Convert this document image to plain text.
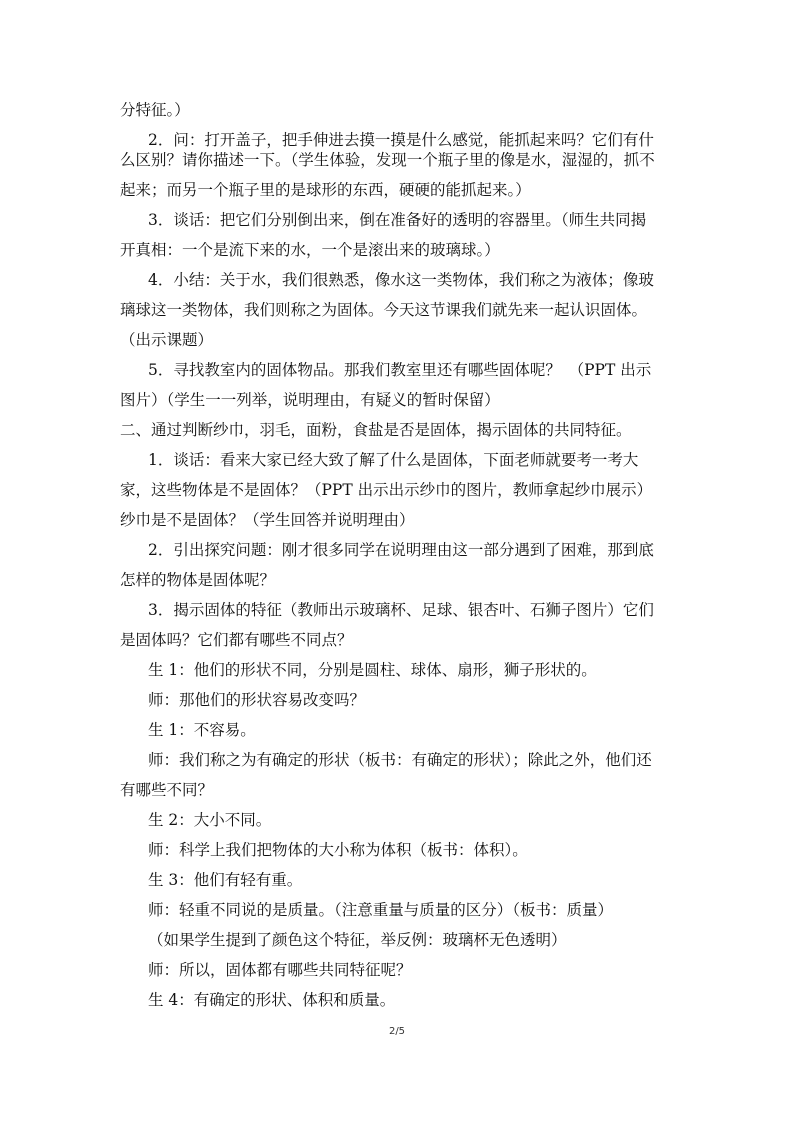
分特征。）

2．问：打开盖子，把手伸进去摸一摸是什么感觉，能抓起来吗？它们有什

么区别？请你描述一下。（学生体验，发现一个瓶子里的像是水，湿湿的，抓不

起来；而另一个瓶子里的是球形的东西，硬硬的能抓起来。）

3．谈话：把它们分别倒出来，倒在准备好的透明的容器里。（师生共同揭

开真相：一个是流下来的水，一个是滚出来的玻璃球。）

4．小结：关于水，我们很熟悉，像水这一类物体，我们称之为液体；像玻

璃球这一类物体，我们则称之为固体。今天这节课我们就先来一起认识固体。

（出示课题）

5．寻找教室内的固体物品。那我们教室里还有哪些固体呢？　（PPT 出示

图片）（学生一一列举，说明理由，有疑义的暂时保留）

二、通过判断纱巾，羽毛，面粉，食盐是否是固体，揭示固体的共同特征。

1．谈话：看来大家已经大致了解了什么是固体，下面老师就要考一考大

家，这些物体是不是固体？（PPT 出示出示纱巾的图片，教师拿起纱巾展示）

纱巾是不是固体？（学生回答并说明理由）

2．引出探究问题：刚才很多同学在说明理由这一部分遇到了困难，那到底

怎样的物体是固体呢？

3．揭示固体的特征（教师出示玻璃杯、足球、银杏叶、石狮子图片）它们

是固体吗？它们都有哪些不同点？

生 1：他们的形状不同，分别是圆柱、球体、扇形，狮子形状的。

师：那他们的形状容易改变吗？

生 1：不容易。

师：我们称之为有确定的形状（板书：有确定的形状）；除此之外，他们还

有哪些不同？

生 2：大小不同。

师：科学上我们把物体的大小称为体积（板书：体积）。

生 3：他们有轻有重。

师：轻重不同说的是质量。（注意重量与质量的区分）（板书：质量）

（如果学生提到了颜色这个特征，举反例：玻璃杯无色透明）

师：所以，固体都有哪些共同特征呢？

生 4：有确定的形状、体积和质量。

2/5
